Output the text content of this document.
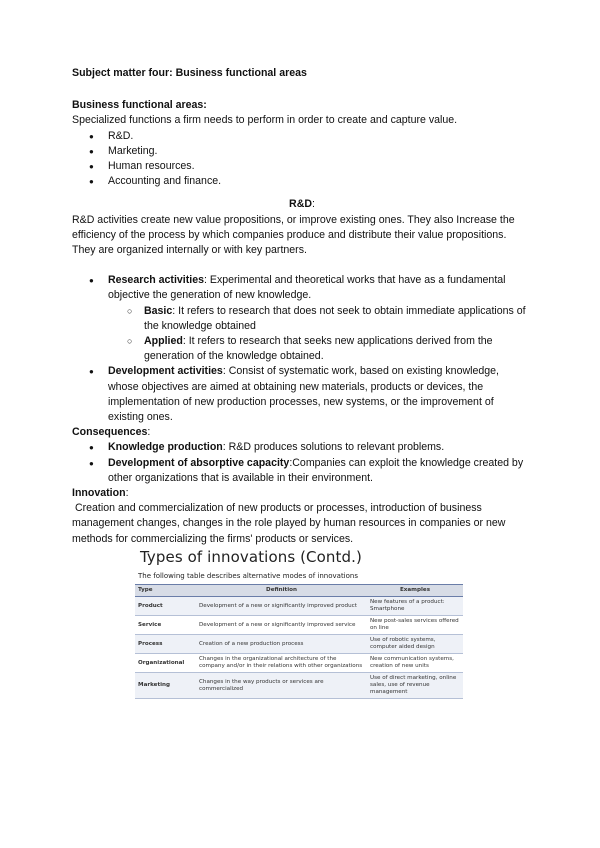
Subject matter four: Business functional areas

Business functional areas:

Specialized functions a firm needs to perform in order to create and capture value.

● R&D.
● Marketing.
● Human resources.
● Accounting and finance.

R&D:

R&D activities create new value propositions, or improve existing ones. They also Increase the efficiency of the process by which companies produce and distribute their value propositions. They are organized internally or with key partners.

● Research activities: Experimental and theoretical works that have as a fundamental objective the generation of new knowledge.
○ Basic: It refers to research that does not seek to obtain immediate applications of the knowledge obtained
○ Applied: It refers to research that seeks new applications derived from the generation of the knowledge obtained.
● Development activities: Consist of systematic work, based on existing knowledge, whose objectives are aimed at obtaining new materials, products or devices, the implementation of new production processes, new systems, or the improvement of existing ones.

Consequences:

● Knowledge production: R&D produces solutions to relevant problems.
● Development of absorptive capacity:Companies can exploit the knowledge created by other organizations that is available in their environment.

Innovation:

Creation and commercialization of new products or processes, introduction of business management changes, changes in the role played by human resources in companies or new methods for commercializing the firms' products or services.

Types of innovations (Contd.)
The following table describes alternative modes of innovations
Type	Definition	Examples
Product	Development of a new or significantly improved product	New features of a product: Smartphone
Service	Development of a new or significantly improved service	New post-sales services offered on line
Process	Creation of a new production process	Use of robotic systems, computer aided design
Organizational	Changes in the organizational architecture of the company and/or in their relations with other organizations	New communication systems, creation of new units
Marketing	Changes in the way products or services are commercialized	Use of direct marketing, online sales, use of revenue management
